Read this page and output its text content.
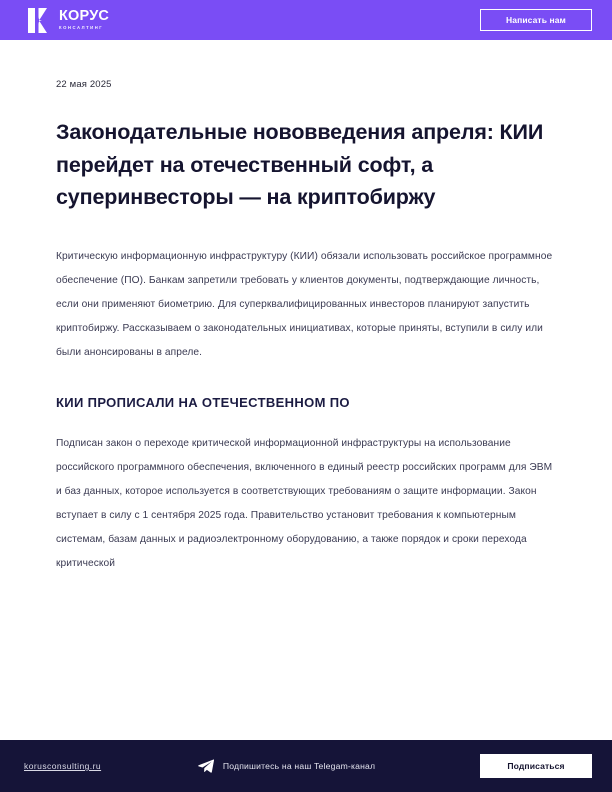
КОРУС
КОНСАЛТИНГ
Написать нам
22 мая 2025
Законодательные нововведения апреля: КИИ перейдет на отечественный софт, а суперинвесторы — на криптобиржу

Критическую информационную инфраструктуру (КИИ) обязали использовать российское программное обеспечение (ПО). Банкам запретили требовать у клиентов документы, подтверждающие личность, если они применяют биометрию. Для суперквалифицированных инвесторов планируют запустить криптобиржу. Рассказываем о законодательных инициативах, которые приняты, вступили в силу или были анонсированы в апреле.

КИИ ПРОПИСАЛИ НА ОТЕЧЕСТВЕННОМ ПО

Подписан закон о переходе критической информационной инфраструктуры на использование российского программного обеспечения, включенного в единый реестр российских программ для ЭВМ и баз данных, которое используется в соответствующих требованиям о защите информации. Закон вступает в силу с 1 сентября 2025 года. Правительство установит требования к компьютерным системам, базам данных и радиоэлектронному оборудованию, а также порядок и сроки перехода критической

korusconsulting.ru	Подпишитесь на наш Telegam-канал	Подписаться
